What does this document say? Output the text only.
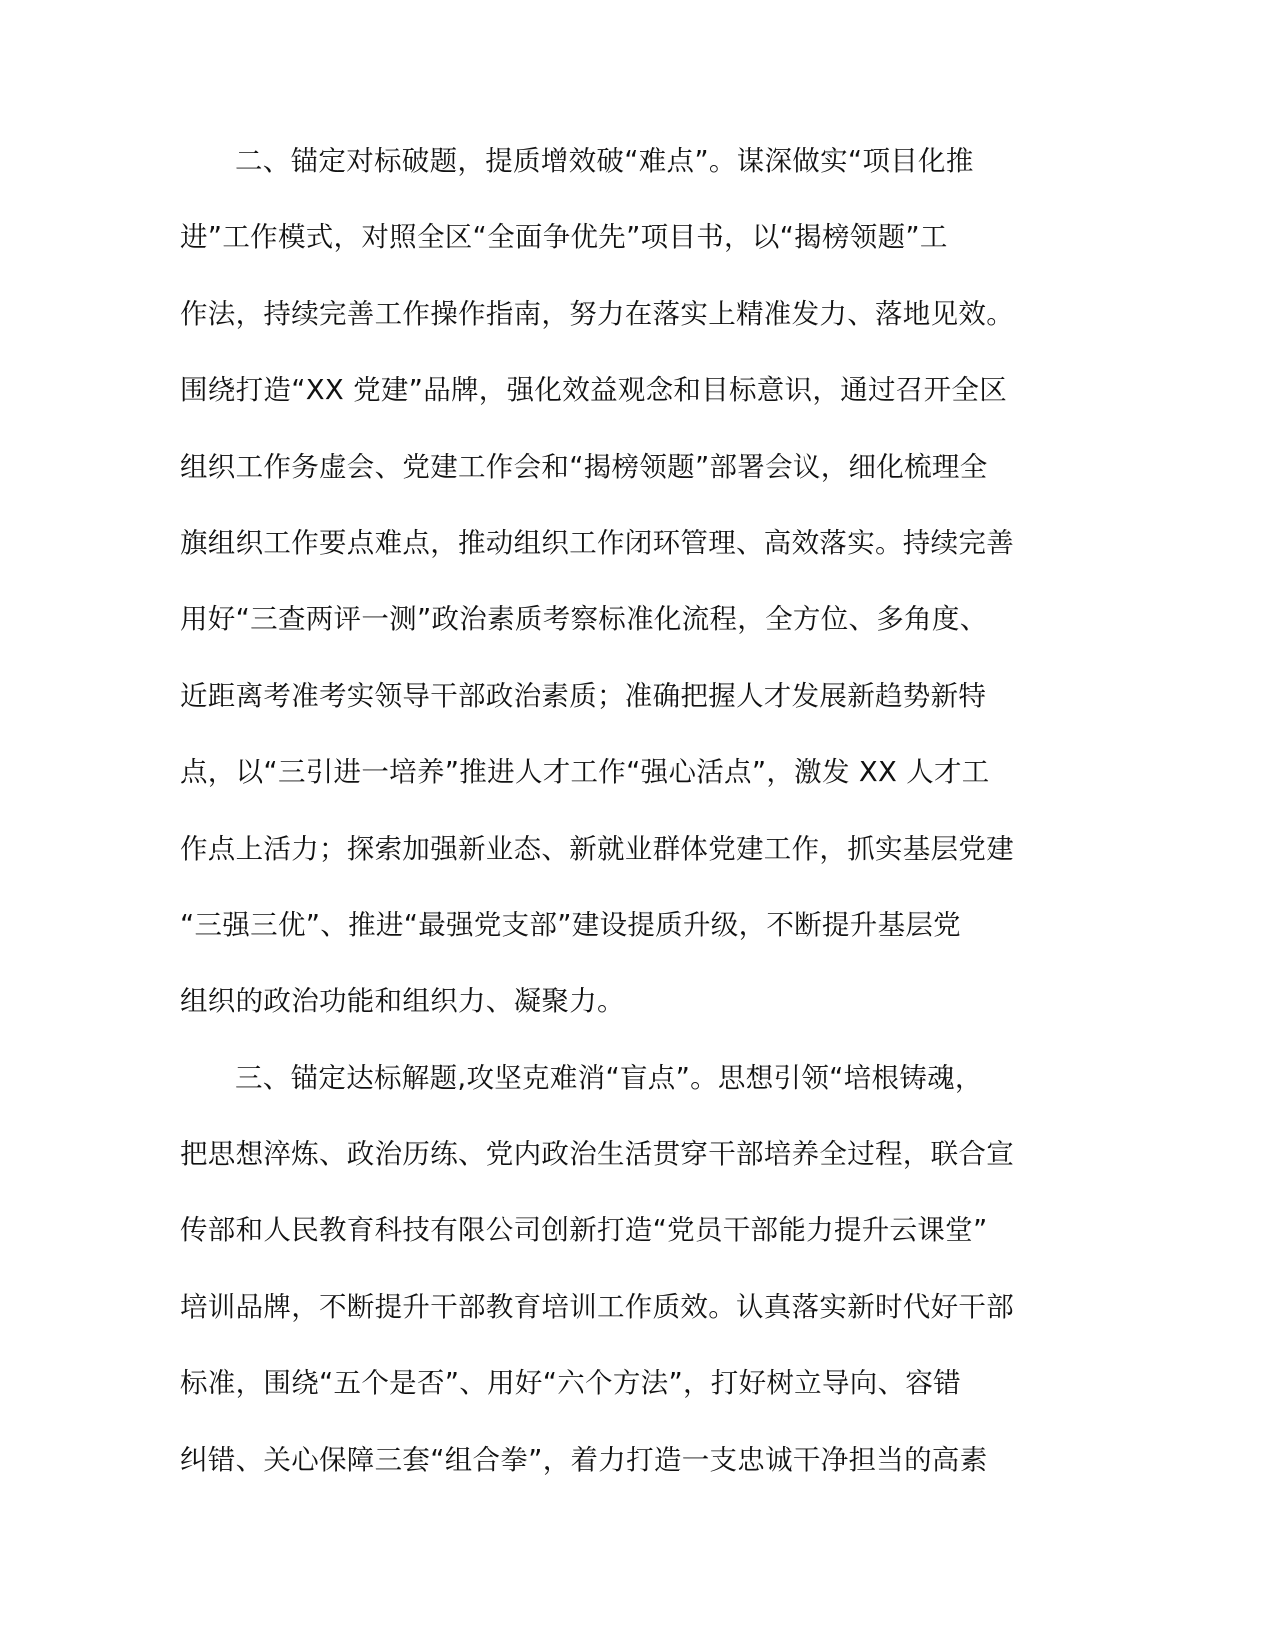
二、锚定对标破题，提质增效破“难点”。谋深做实“项目化推
进”工作模式，对照全区“全面争优先”项目书，以“揭榜领题”工
作法，持续完善工作操作指南，努力在落实上精准发力、落地见效。
围绕打造“XX 党建”品牌，强化效益观念和目标意识，通过召开全区
组织工作务虚会、党建工作会和“揭榜领题”部署会议，细化梳理全
旗组织工作要点难点，推动组织工作闭环管理、高效落实。持续完善
用好“三查两评一测”政治素质考察标准化流程，全方位、多角度、
近距离考准考实领导干部政治素质；准确把握人才发展新趋势新特
点，以“三引进一培养”推进人才工作“强心活点”，激发 XX 人才工
作点上活力；探索加强新业态、新就业群体党建工作，抓实基层党建
“三强三优”、推进“最强党支部”建设提质升级，不断提升基层党
组织的政治功能和组织力、凝聚力。
三、锚定达标解题,攻坚克难消“盲点”。思想引领“培根铸魂，
把思想淬炼、政治历练、党内政治生活贯穿干部培养全过程，联合宣
传部和人民教育科技有限公司创新打造“党员干部能力提升云课堂”
培训品牌，不断提升干部教育培训工作质效。认真落实新时代好干部
标准，围绕“五个是否”、用好“六个方法”，打好树立导向、容错
纠错、关心保障三套“组合拳”，着力打造一支忠诚干净担当的高素
